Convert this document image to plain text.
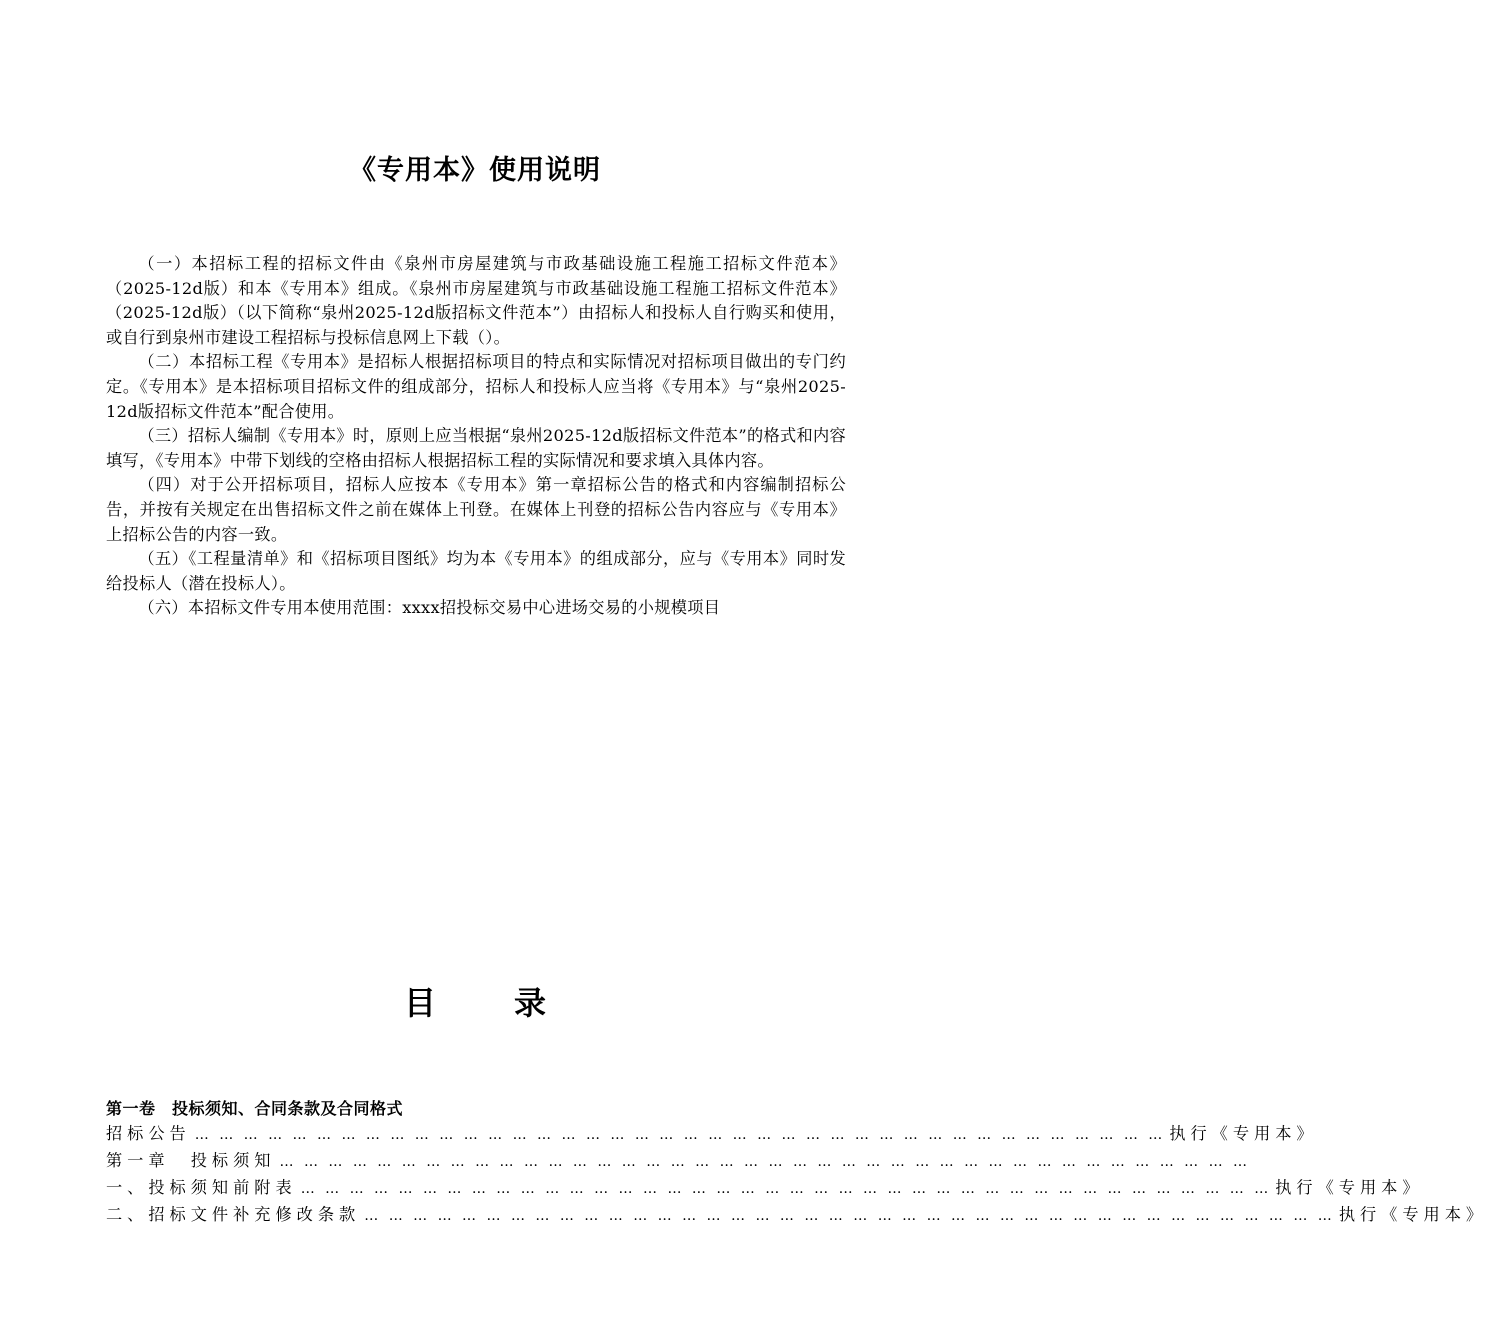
《专用本》使用说明

（一）本招标工程的招标文件由《泉州市房屋建筑与市政基础设施工程施工招标文件范本》（2025-12d版）和本《专用本》组成。《泉州市房屋建筑与市政基础设施工程施工招标文件范本》（2025-12d版）（以下简称“泉州2025-12d版招标文件范本”）由招标人和投标人自行购买和使用，或自行到泉州市建设工程招标与投标信息网上下载（）。

（二）本招标工程《专用本》是招标人根据招标项目的特点和实际情况对招标项目做出的专门约定。《专用本》是本招标项目招标文件的组成部分，招标人和投标人应当将《专用本》与“泉州2025-12d版招标文件范本”配合使用。

（三）招标人编制《专用本》时，原则上应当根据“泉州2025-12d版招标文件范本”的格式和内容填写，《专用本》中带下划线的空格由招标人根据招标工程的实际情况和要求填入具体内容。

（四）对于公开招标项目，招标人应按本《专用本》第一章招标公告的格式和内容编制招标公告，并按有关规定在出售招标文件之前在媒体上刊登。在媒体上刊登的招标公告内容应与《专用本》上招标公告的内容一致。

（五）《工程量清单》和《招标项目图纸》均为本《专用本》的组成部分，应与《专用本》同时发给投标人（潜在投标人）。

（六）本招标文件专用本使用范围：xxxx招投标交易中心进场交易的小规模项目

目 录
第一卷　投标须知、合同条款及合同格式
招标公告 … … … … … … … … … … … … … … … … … … … … … … … … … … … … … … … … … … … … … … … … 执行《专用本》
第一章　投标须知 … … … … … … … … … … … … … … … … … … … … … … … … … … … … … … … … … … … … … … … …
一、投标须知前附表 … … … … … … … … … … … … … … … … … … … … … … … … … … … … … … … … … … … … … … … … 执行《专用本》
二、招标文件补充修改条款 … … … … … … … … … … … … … … … … … … … … … … … … … … … … … … … … … … … … … … … … 执行《专用本》
